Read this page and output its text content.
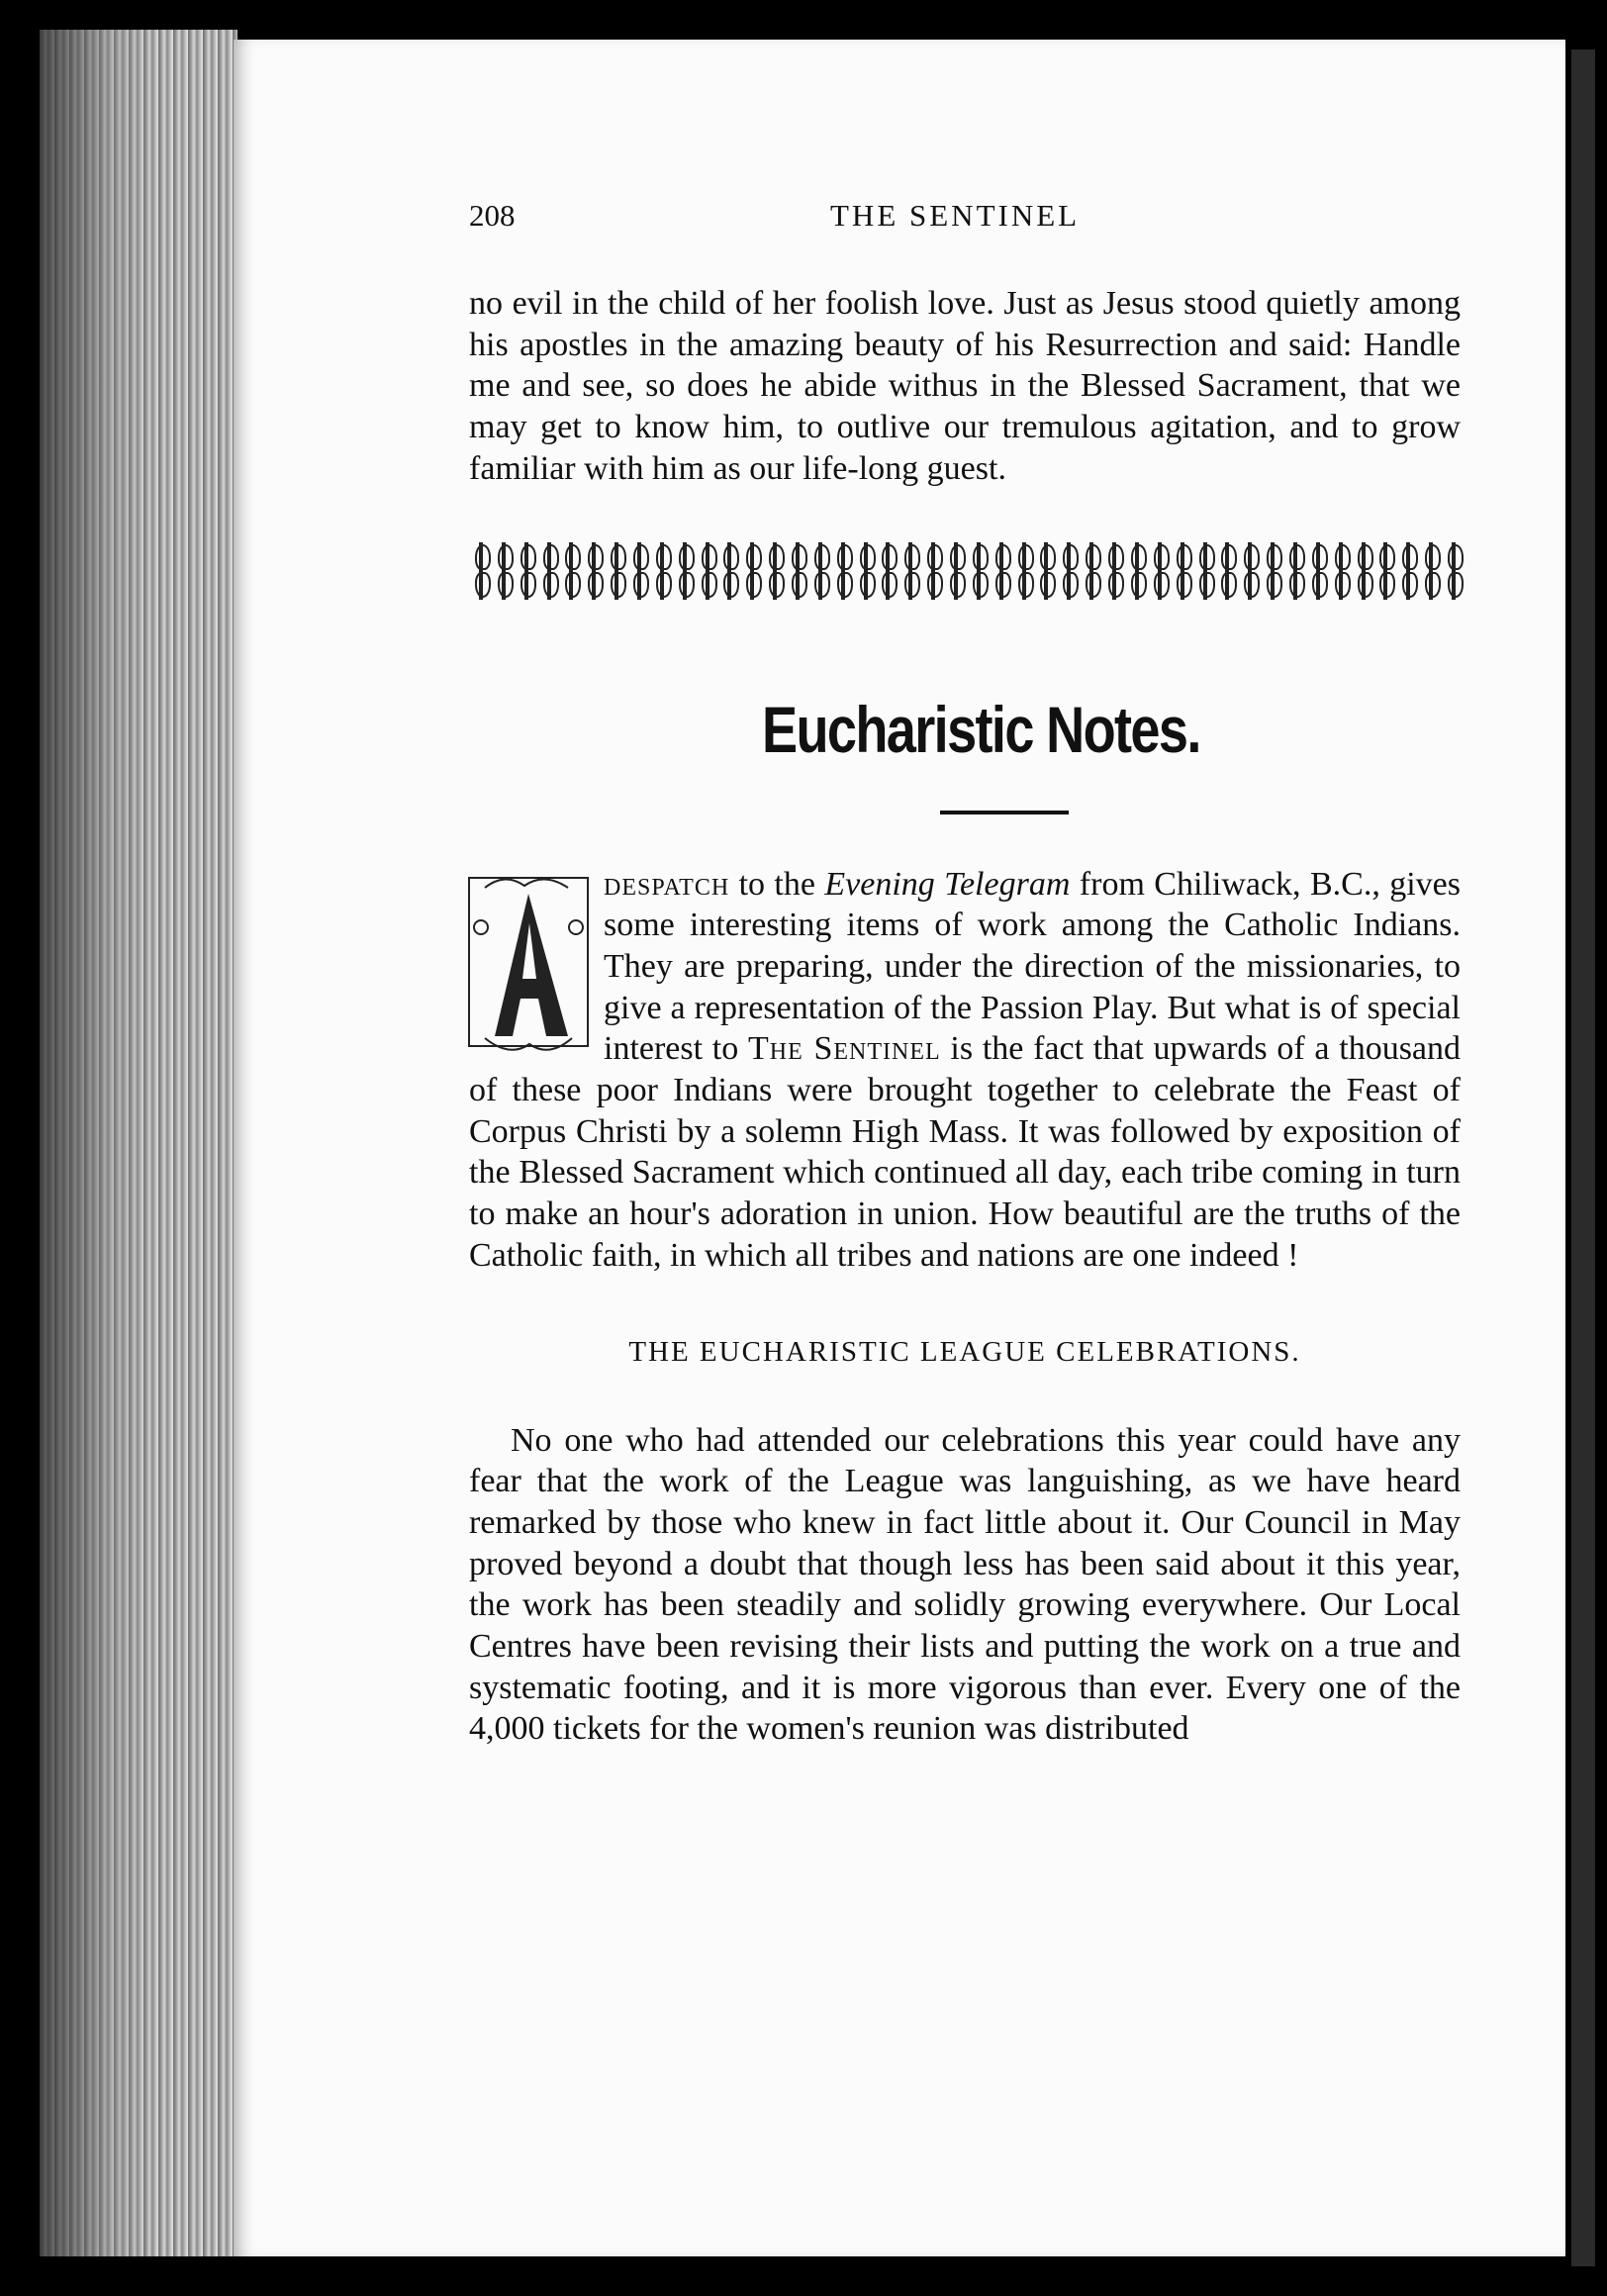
208	THE SENTINEL

no evil in the child of her foolish love. Just as Jesus stood quietly among his apostles in the amazing beauty of his Resurrection and said: Handle me and see, so does he abide withus in the Blessed Sacrament, that we may get to know him, to outlive our tremulous agitation, and to grow familiar with him as our life-long guest.

Eucharistic Notes.
A

despatch to the Evening Telegram from Chiliwack, B.C., gives some interesting items of work among the Catholic Indians. They are preparing, under the direction of the missionaries, to give a representation of the Passion Play. But what is of special interest to The Sentinel is the fact that upwards of a thousand of these poor Indians were brought together to celebrate the Feast of Corpus Christi by a solemn High Mass. It was followed by exposition of the Blessed Sacrament which continued all day, each tribe coming in turn to make an hour's adoration in union. How beautiful are the truths of the Catholic faith, in which all tribes and nations are one indeed !

THE EUCHARISTIC LEAGUE CELEBRATIONS.

No one who had attended our celebrations this year could have any fear that the work of the League was languishing, as we have heard remarked by those who knew in fact little about it. Our Council in May proved beyond a doubt that though less has been said about it this year, the work has been steadily and solidly growing everywhere. Our Local Centres have been revising their lists and putting the work on a true and systematic footing, and it is more vigorous than ever. Every one of the 4,000 tickets for the women's reunion was distributed
